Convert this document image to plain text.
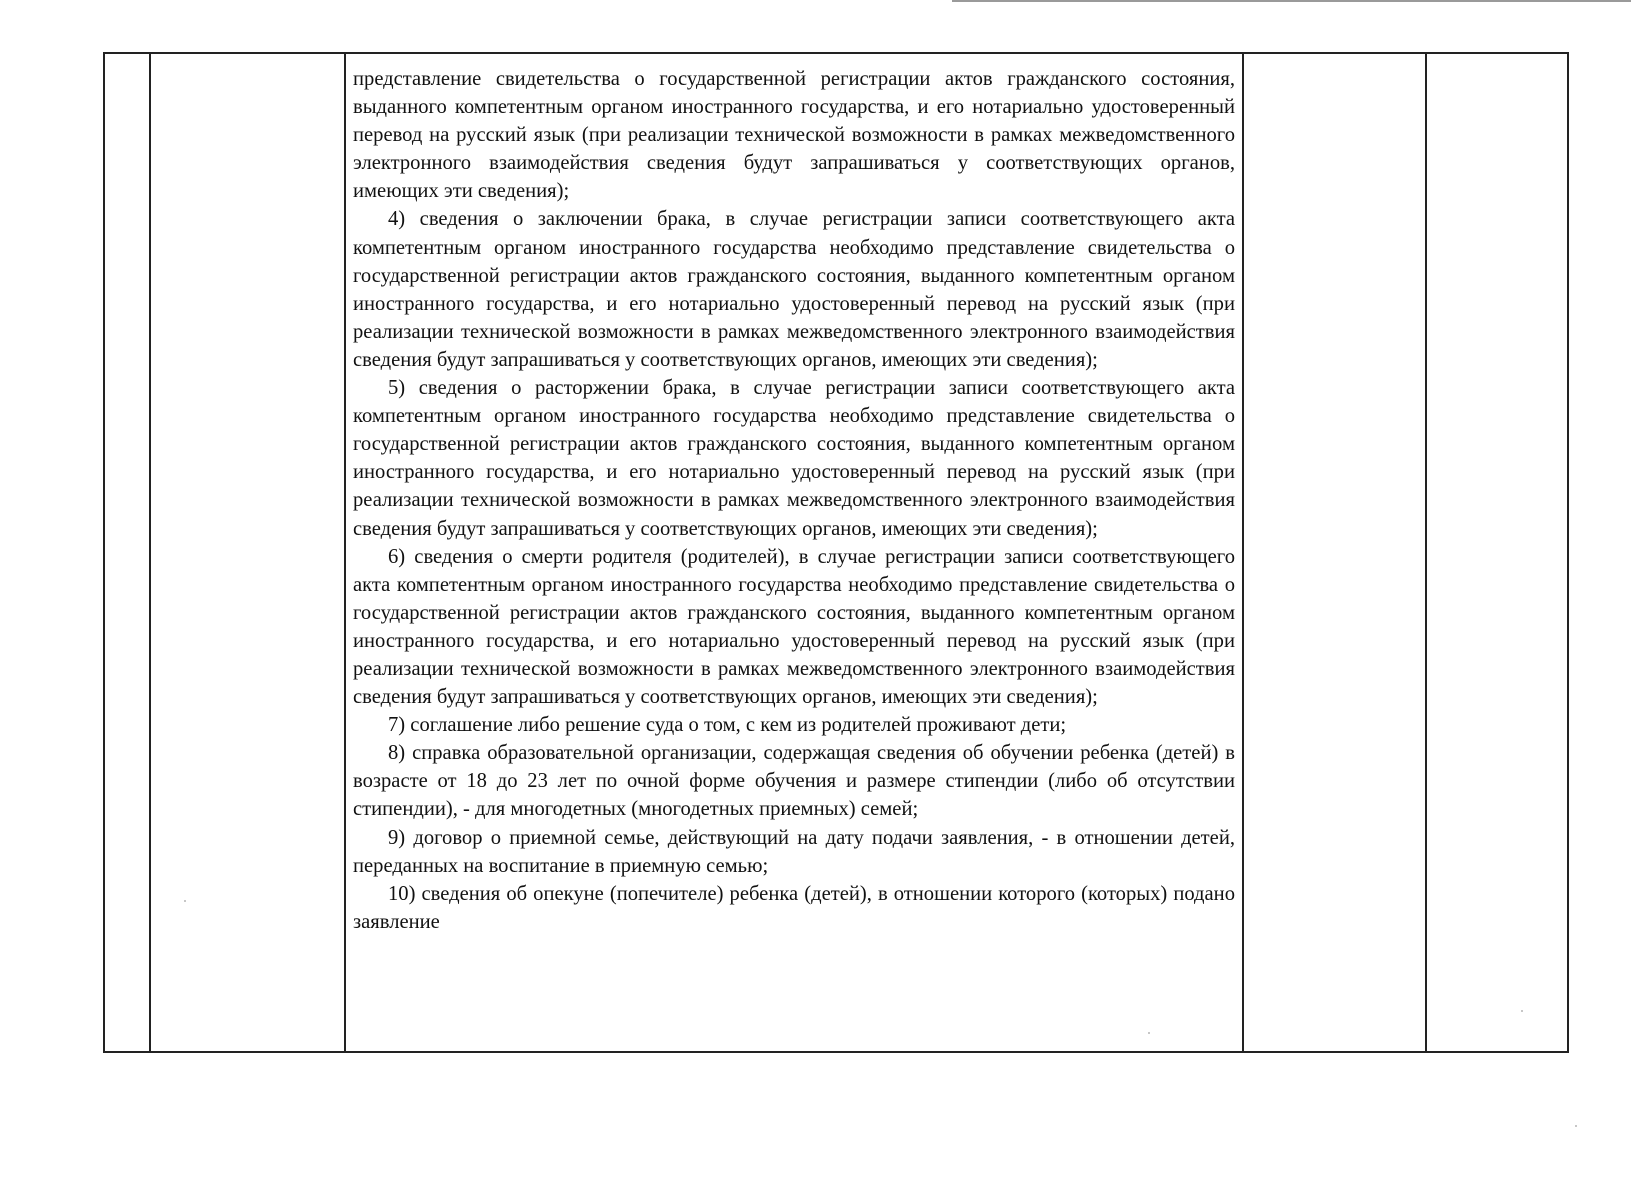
представление свидетельства о государственной регистрации актов гражданского состояния, выданного компетентным органом иностранного государства, и его нотариально удостоверенный перевод на русский язык (при реализации технической возможности в рамках межведомственного электронного взаимодействия сведения будут запрашиваться у соответствующих органов, имеющих эти сведения);

4) сведения о заключении брака, в случае регистрации записи соответствующего акта компетентным органом иностранного государства необходимо представление свидетельства о государственной регистрации актов гражданского состояния, выданного компетентным органом иностранного государства, и его нотариально удостоверенный перевод на русский язык (при реализации технической возможности в рамках межведомственного электронного взаимодействия сведения будут запрашиваться у соответствующих органов, имеющих эти сведения);

5) сведения о расторжении брака, в случае регистрации записи соответствующего акта компетентным органом иностранного государства необходимо представление свидетельства о государственной регистрации актов гражданского состояния, выданного компетентным органом иностранного государства, и его нотариально удостоверенный перевод на русский язык (при реализации технической возможности в рамках межведомственного электронного взаимодействия сведения будут запрашиваться у соответствующих органов, имеющих эти сведения);

6) сведения о смерти родителя (родителей), в случае регистрации записи соответствующего акта компетентным органом иностранного государства необходимо представление свидетельства о государственной регистрации актов гражданского состояния, выданного компетентным органом иностранного государства, и его нотариально удостоверенный перевод на русский язык (при реализации технической возможности в рамках межведомственного электронного взаимодействия сведения будут запрашиваться у соответствующих органов, имеющих эти сведения);

7) соглашение либо решение суда о том, с кем из родителей проживают дети;

8) справка образовательной организации, содержащая сведения об обучении ребенка (детей) в возрасте от 18 до 23 лет по очной форме обучения и размере стипендии (либо об отсутствии стипендии), - для многодетных (многодетных приемных) семей;

9) договор о приемной семье, действующий на дату подачи заявления, - в отношении детей, переданных на воспитание в приемную семью;

10) сведения об опекуне (попечителе) ребенка (детей), в отношении которого (которых) подано заявление
